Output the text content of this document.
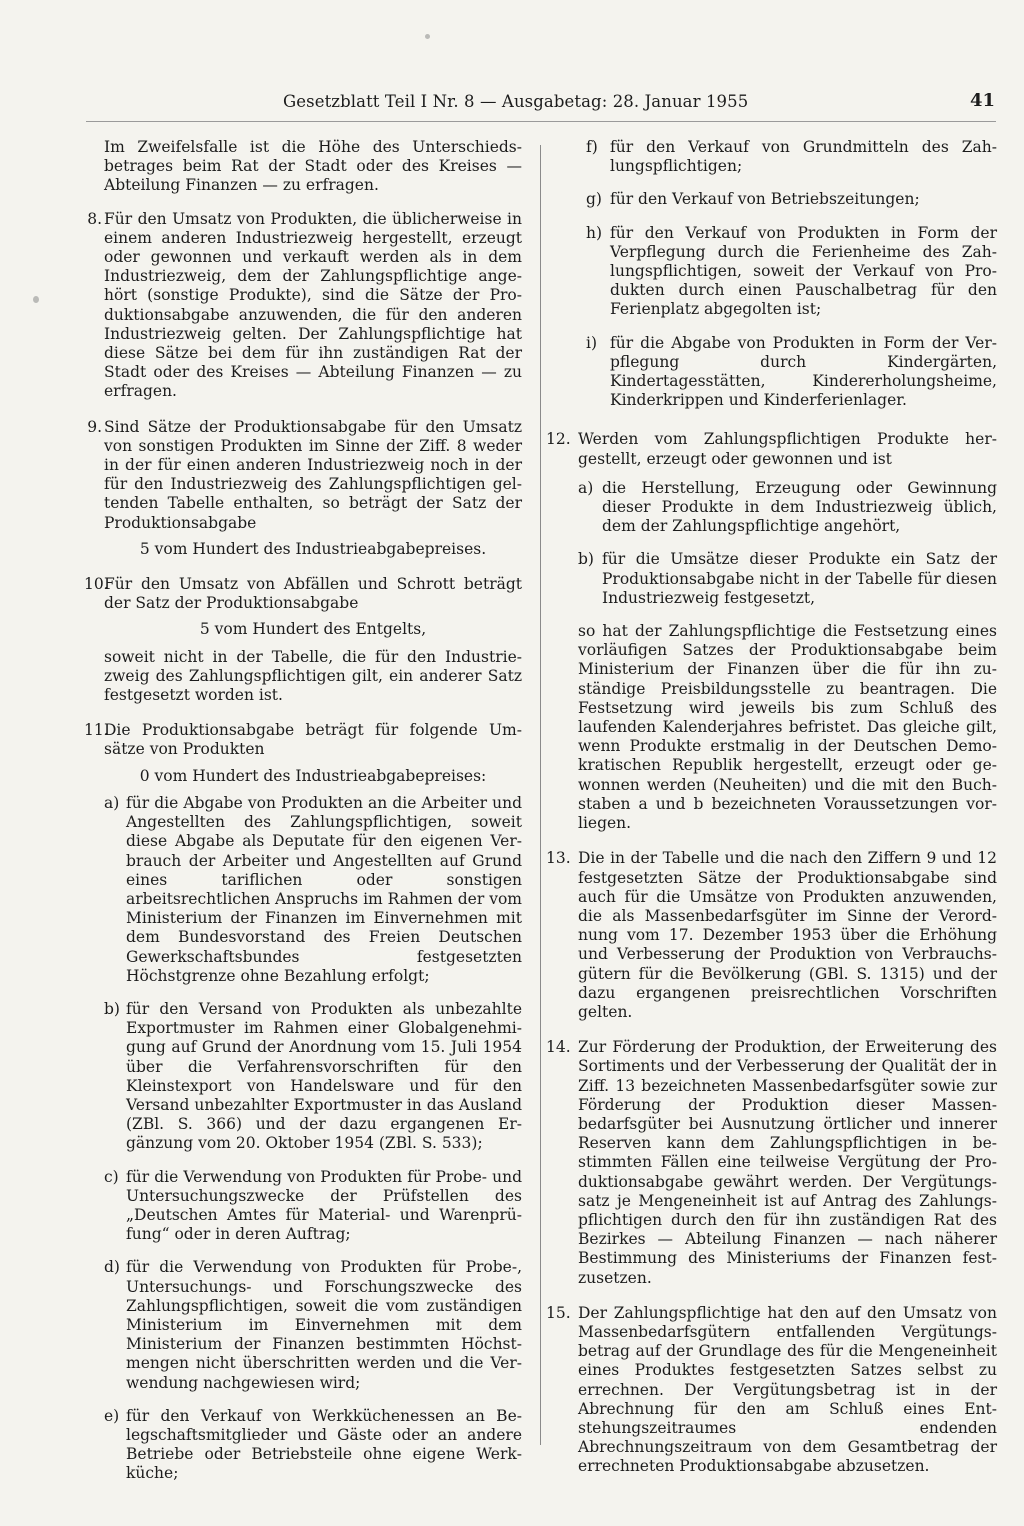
Gesetzblatt Teil I Nr. 8 — Ausgabetag: 28. Januar 1955	41
Im Zweifelsfalle ist die Höhe des Unterschiedsbetrages beim Rat der Stadt oder des Kreises — Abteilung Finanzen — zu erfragen.
8. Für den Umsatz von Produkten, die üblicherweise in einem anderen Industriezweig hergestellt, erzeugt oder gewonnen und verkauft werden als in dem Industriezweig, dem der Zahlungspflichtige angehört (sonstige Produkte), sind die Sätze der Produktionsabgabe anzuwenden, die für den anderen Industriezweig gelten. Der Zahlungspflichtige hat diese Sätze bei dem für ihn zuständigen Rat der Stadt oder des Kreises — Abteilung Finanzen — zu erfragen.
9. Sind Sätze der Produktionsabgabe für den Umsatz von sonstigen Produkten im Sinne der Ziff. 8 weder in der für einen anderen Industriezweig noch in der für den Industriezweig des Zahlungspflichtigen geltenden Tabelle enthalten, so beträgt der Satz der Produktionsabgabe
5 vom Hundert des Industrieabgabepreises.
10.
Für den Umsatz von Abfällen und Schrott beträgt der Satz der Produktionsabgabe
5 vom Hundert des Entgelts,
soweit nicht in der Tabelle, die für den Industriezweig des Zahlungspflichtigen gilt, ein anderer Satz festgesetzt worden ist.
11.
Die Produktionsabgabe beträgt für folgende Umsätze von Produkten
0 vom Hundert des Industrieabgabepreises:
a) für die Abgabe von Produkten an die Arbeiter und Angestellten des Zahlungspflichtigen, soweit diese Abgabe als Deputate für den eigenen Verbrauch der Arbeiter und Angestellten auf Grund eines tariflichen oder sonstigen arbeitsrechtlichen Anspruchs im Rahmen der vom Ministerium der Finanzen im Einvernehmen mit dem Bundesvorstand des Freien Deutschen Gewerkschaftsbundes festgesetzten Höchstgrenze ohne Bezahlung erfolgt;
b) für den Versand von Produkten als unbezahlte Exportmuster im Rahmen einer Globalgenehmigung auf Grund der Anordnung vom 15. Juli 1954 über die Verfahrensvorschriften für den Kleinstexport von Handelsware und für den Versand unbezahlter Exportmuster in das Ausland (ZBl. S. 366) und der dazu ergangenen Ergänzung vom 20. Oktober 1954 (ZBl. S. 533);
c) für die Verwendung von Produkten für Probe- und Untersuchungszwecke der Prüfstellen des „Deutschen Amtes für Material- und Warenprüfung“ oder in deren Auftrag;
d) für die Verwendung von Produkten für Probe-, Untersuchungs- und Forschungszwecke des Zahlungspflichtigen, soweit die vom zuständigen Ministerium im Einvernehmen mit dem Ministerium der Finanzen bestimmten Höchstmengen nicht überschritten werden und die Verwendung nachgewiesen wird;
e) für den Verkauf von Werkküchenessen an Belegschaftsmitglieder und Gäste oder an andere Betriebe oder Betriebsteile ohne eigene Werkküche;
f) für den Verkauf von Grundmitteln des Zahlungspflichtigen;
g) für den Verkauf von Betriebszeitungen;
h) für den Verkauf von Produkten in Form der Verpflegung durch die Ferienheime des Zahlungspflichtigen, soweit der Verkauf von Produkten durch einen Pauschalbetrag für den Ferienplatz abgegolten ist;
i) für die Abgabe von Produkten in Form der Verpflegung durch Kindergärten, Kindertagesstätten, Kindererholungsheime, Kinderkrippen und Kinderferienlager.
12. Werden vom Zahlungspflichtigen Produkte hergestellt, erzeugt oder gewonnen und ist
a) die Herstellung, Erzeugung oder Gewinnung dieser Produkte in dem Industriezweig üblich, dem der Zahlungspflichtige angehört,
b) für die Umsätze dieser Produkte ein Satz der Produktionsabgabe nicht in der Tabelle für diesen Industriezweig festgesetzt,
so hat der Zahlungspflichtige die Festsetzung eines vorläufigen Satzes der Produktionsabgabe beim Ministerium der Finanzen über die für ihn zuständige Preisbildungsstelle zu beantragen. Die Festsetzung wird jeweils bis zum Schluß des laufenden Kalenderjahres befristet. Das gleiche gilt, wenn Produkte erstmalig in der Deutschen Demokratischen Republik hergestellt, erzeugt oder gewonnen werden (Neuheiten) und die mit den Buchstaben a und b bezeichneten Voraussetzungen vorliegen.
13. Die in der Tabelle und die nach den Ziffern 9 und 12 festgesetzten Sätze der Produktionsabgabe sind auch für die Umsätze von Produkten anzuwenden, die als Massenbedarfsgüter im Sinne der Verordnung vom 17. Dezember 1953 über die Erhöhung und Verbesserung der Produktion von Verbrauchsgütern für die Bevölkerung (GBl. S. 1315) und der dazu ergangenen preisrechtlichen Vorschriften gelten.
14. Zur Förderung der Produktion, der Erweiterung des Sortiments und der Verbesserung der Qualität der in Ziff. 13 bezeichneten Massenbedarfsgüter sowie zur Förderung der Produktion dieser Massenbedarfsgüter bei Ausnutzung örtlicher und innerer Reserven kann dem Zahlungspflichtigen in bestimmten Fällen eine teilweise Vergütung der Produktionsabgabe gewährt werden. Der Vergütungssatz je Mengeneinheit ist auf Antrag des Zahlungspflichtigen durch den für ihn zuständigen Rat des Bezirkes — Abteilung Finanzen — nach näherer Bestimmung des Ministeriums der Finanzen festzusetzen.
15. Der Zahlungspflichtige hat den auf den Umsatz von Massenbedarfsgütern entfallenden Vergütungsbetrag auf der Grundlage des für die Mengeneinheit eines Produktes festgesetzten Satzes selbst zu errechnen. Der Vergütungsbetrag ist in der Abrechnung für den am Schluß eines Entstehungszeitraumes endenden Abrechnungszeitraum von dem Gesamtbetrag der errechneten Produktionsabgabe abzusetzen.
